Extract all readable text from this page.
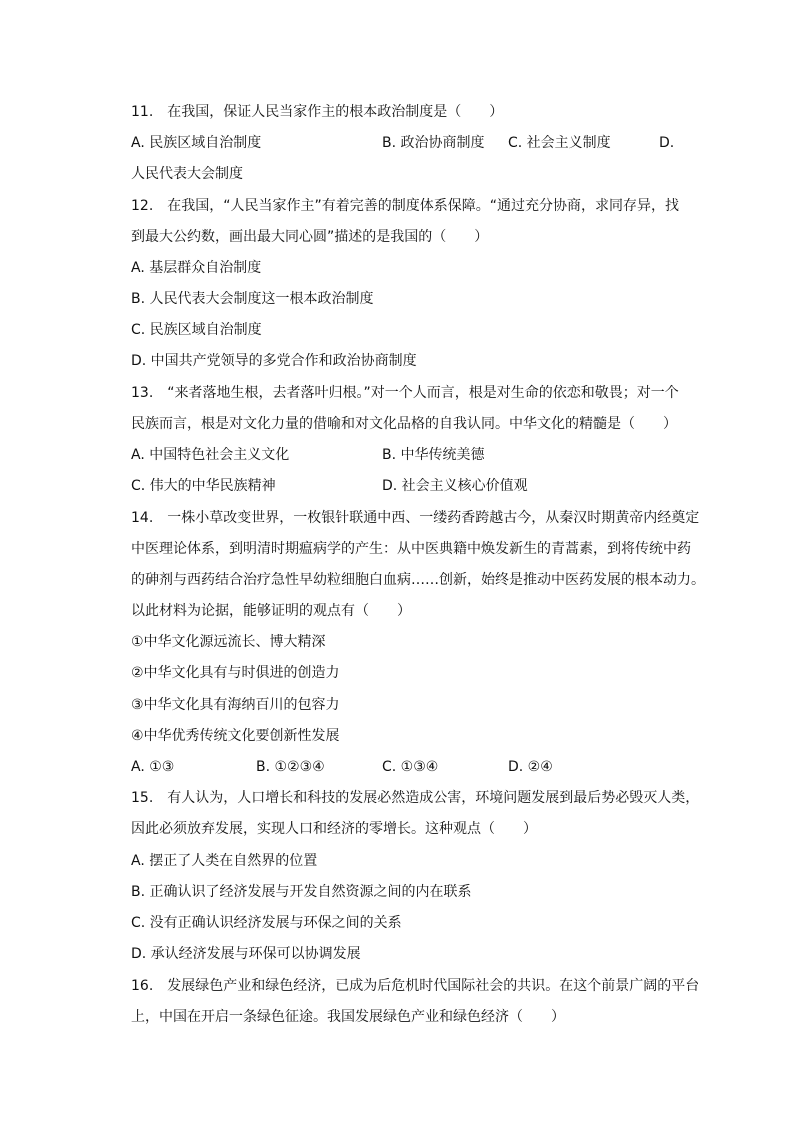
11. 在我国，保证人民当家作主的根本政治制度是（　　）
A. 民族区域自治制度	B. 政治协商制度 C. 社会主义制度	D.
人民代表大会制度
12. 在我国，“人民当家作主”有着完善的制度体系保障。“通过充分协商，求同存异，找
到最大公约数，画出最大同心圆”描述的是我国的（　　）
A. 基层群众自治制度
B. 人民代表大会制度这一根本政治制度
C. 民族区域自治制度
D. 中国共产党领导的多党合作和政治协商制度
13. “来者落地生根，去者落叶归根。”对一个人而言，根是对生命的依恋和敬畏；对一个
民族而言，根是对文化力量的借喻和对文化品格的自我认同。中华文化的精髓是（　　）
A. 中国特色社会主义文化	B. 中华传统美德
C. 伟大的中华民族精神	D. 社会主义核心价值观
14. 一株小草改变世界，一枚银针联通中西、一缕药香跨越古今，从秦汉时期黄帝内经奠定
中医理论体系，到明清时期瘟病学的产生：从中医典籍中焕发新生的青蒿素，到将传统中药
的砷剂与西药结合治疗急性早幼粒细胞白血病……创新，始终是推动中医药发展的根本动力。
以此材料为论据，能够证明的观点有（　　）
①中华文化源远流长、博大精深
②中华文化具有与时俱进的创造力
③中华文化具有海纳百川的包容力
④中华优秀传统文化要创新性发展
A. ①③	B. ①②③④	C. ①③④	D. ②④
15. 有人认为，人口增长和科技的发展必然造成公害，环境问题发展到最后势必毁灭人类，
因此必须放弃发展，实现人口和经济的零增长。这种观点（　　）
A. 摆正了人类在自然界的位置
B. 正确认识了经济发展与开发自然资源之间的内在联系
C. 没有正确认识经济发展与环保之间的关系
D. 承认经济发展与环保可以协调发展
16. 发展绿色产业和绿色经济，已成为后危机时代国际社会的共识。在这个前景广阔的平台
上，中国在开启一条绿色征途。我国发展绿色产业和绿色经济（　　）
